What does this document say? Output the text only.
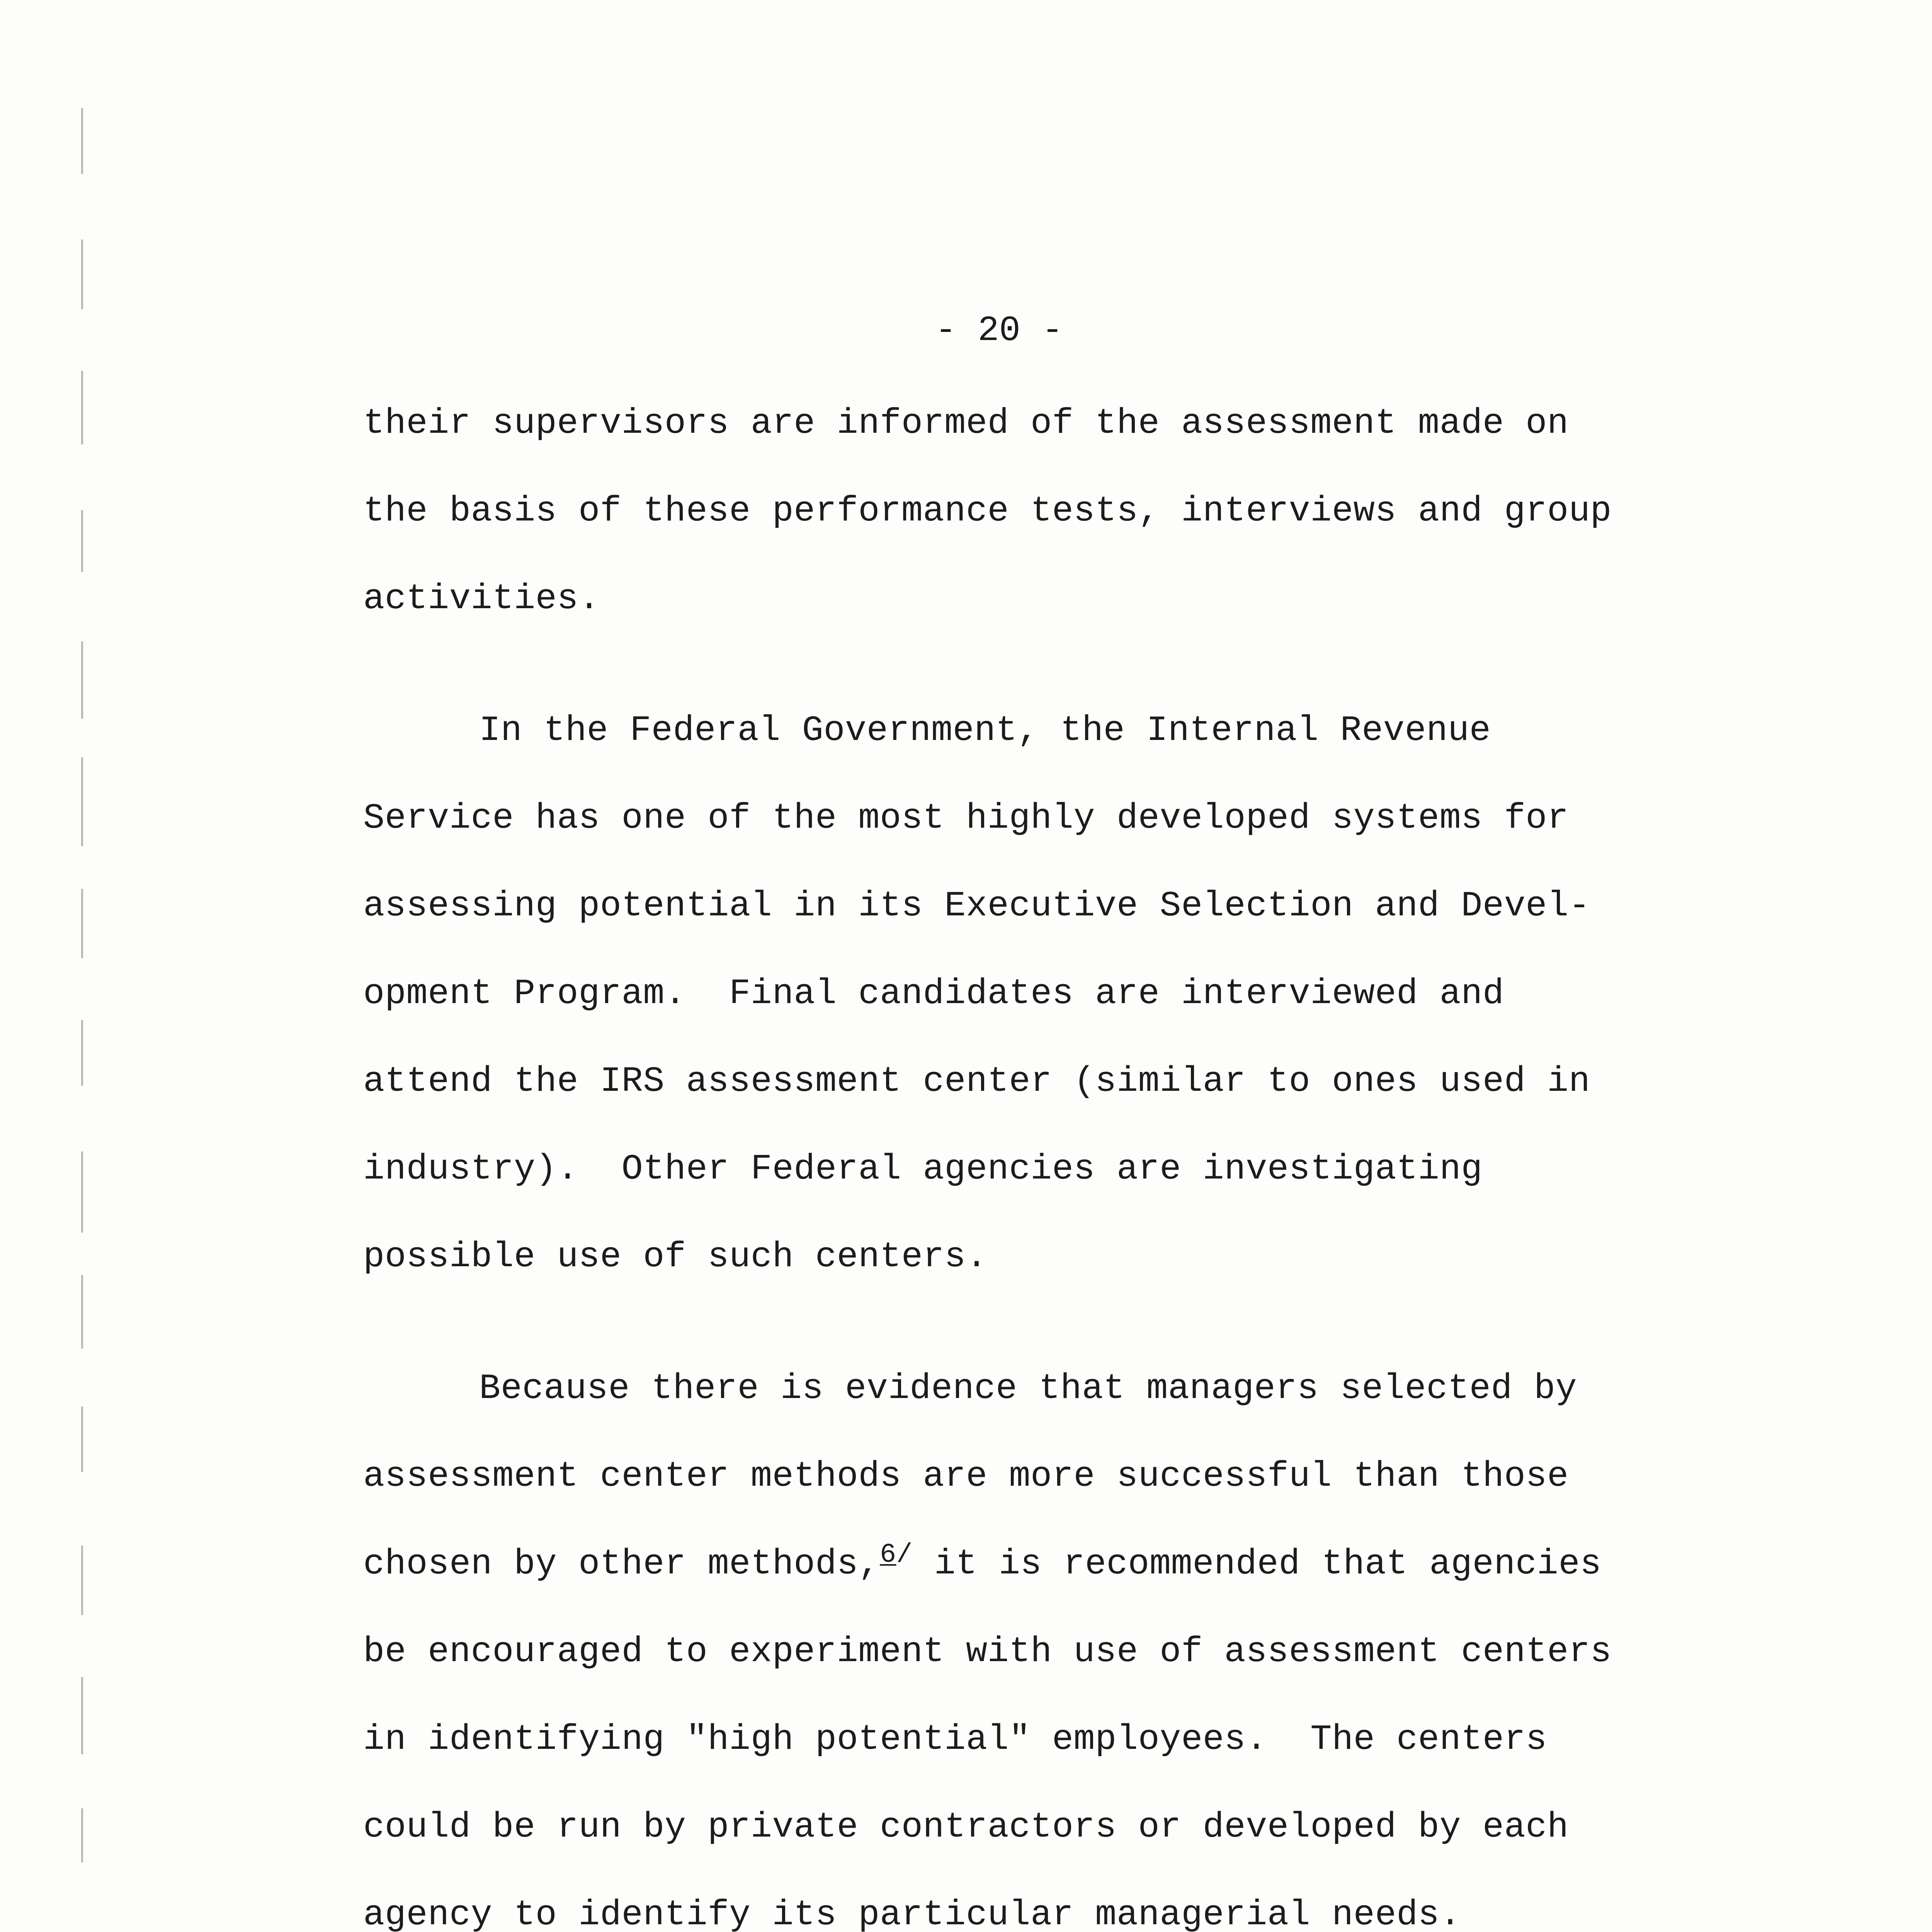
- 20 -
their supervisors are informed of the assessment made on
the basis of these performance tests, interviews and group
activities.
In the Federal Government, the Internal Revenue
Service has one of the most highly developed systems for
assessing potential in its Executive Selection and Devel-
opment Program.  Final candidates are interviewed and
attend the IRS assessment center (similar to ones used in
industry).  Other Federal agencies are investigating
possible use of such centers.
Because there is evidence that managers selected by
assessment center methods are more successful than those
chosen by other methods,$^{6/}$ it is recommended that agencies
be encouraged to experiment with use of assessment centers
in identifying "high potential" employees.  The centers
could be run by private contractors or developed by each
agency to identify its particular managerial needs.
